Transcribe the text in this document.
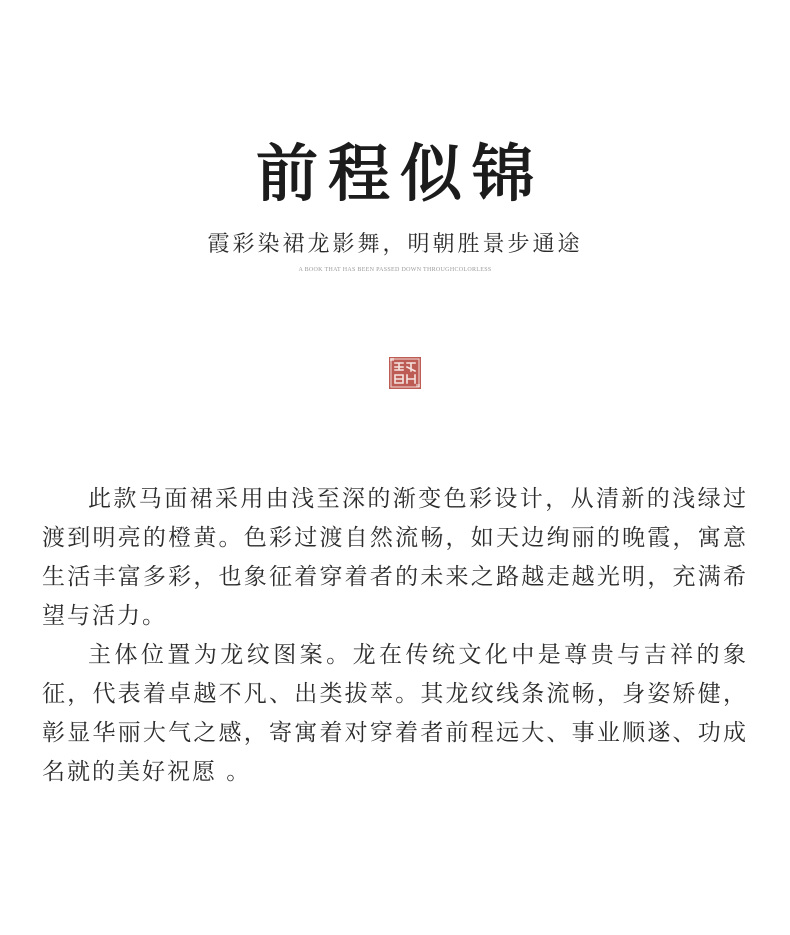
前程似锦
霞彩染裙龙影舞，明朝胜景步通途
A BOOK THAT HAS BEEN PASSED DOWN THROUGHCOLORLESS

此款马面裙采用由浅至深的渐变色彩设计，从清新的浅绿过渡到明亮的橙黄。色彩过渡自然流畅，如天边绚丽的晚霞，寓意生活丰富多彩，也象征着穿着者的未来之路越走越光明，充满希望与活力。

主体位置为龙纹图案。龙在传统文化中是尊贵与吉祥的象征，代表着卓越不凡、出类拔萃。其龙纹线条流畅，身姿矫健，彰显华丽大气之感，寄寓着对穿着者前程远大、事业顺遂、功成名就的美好祝愿 。
